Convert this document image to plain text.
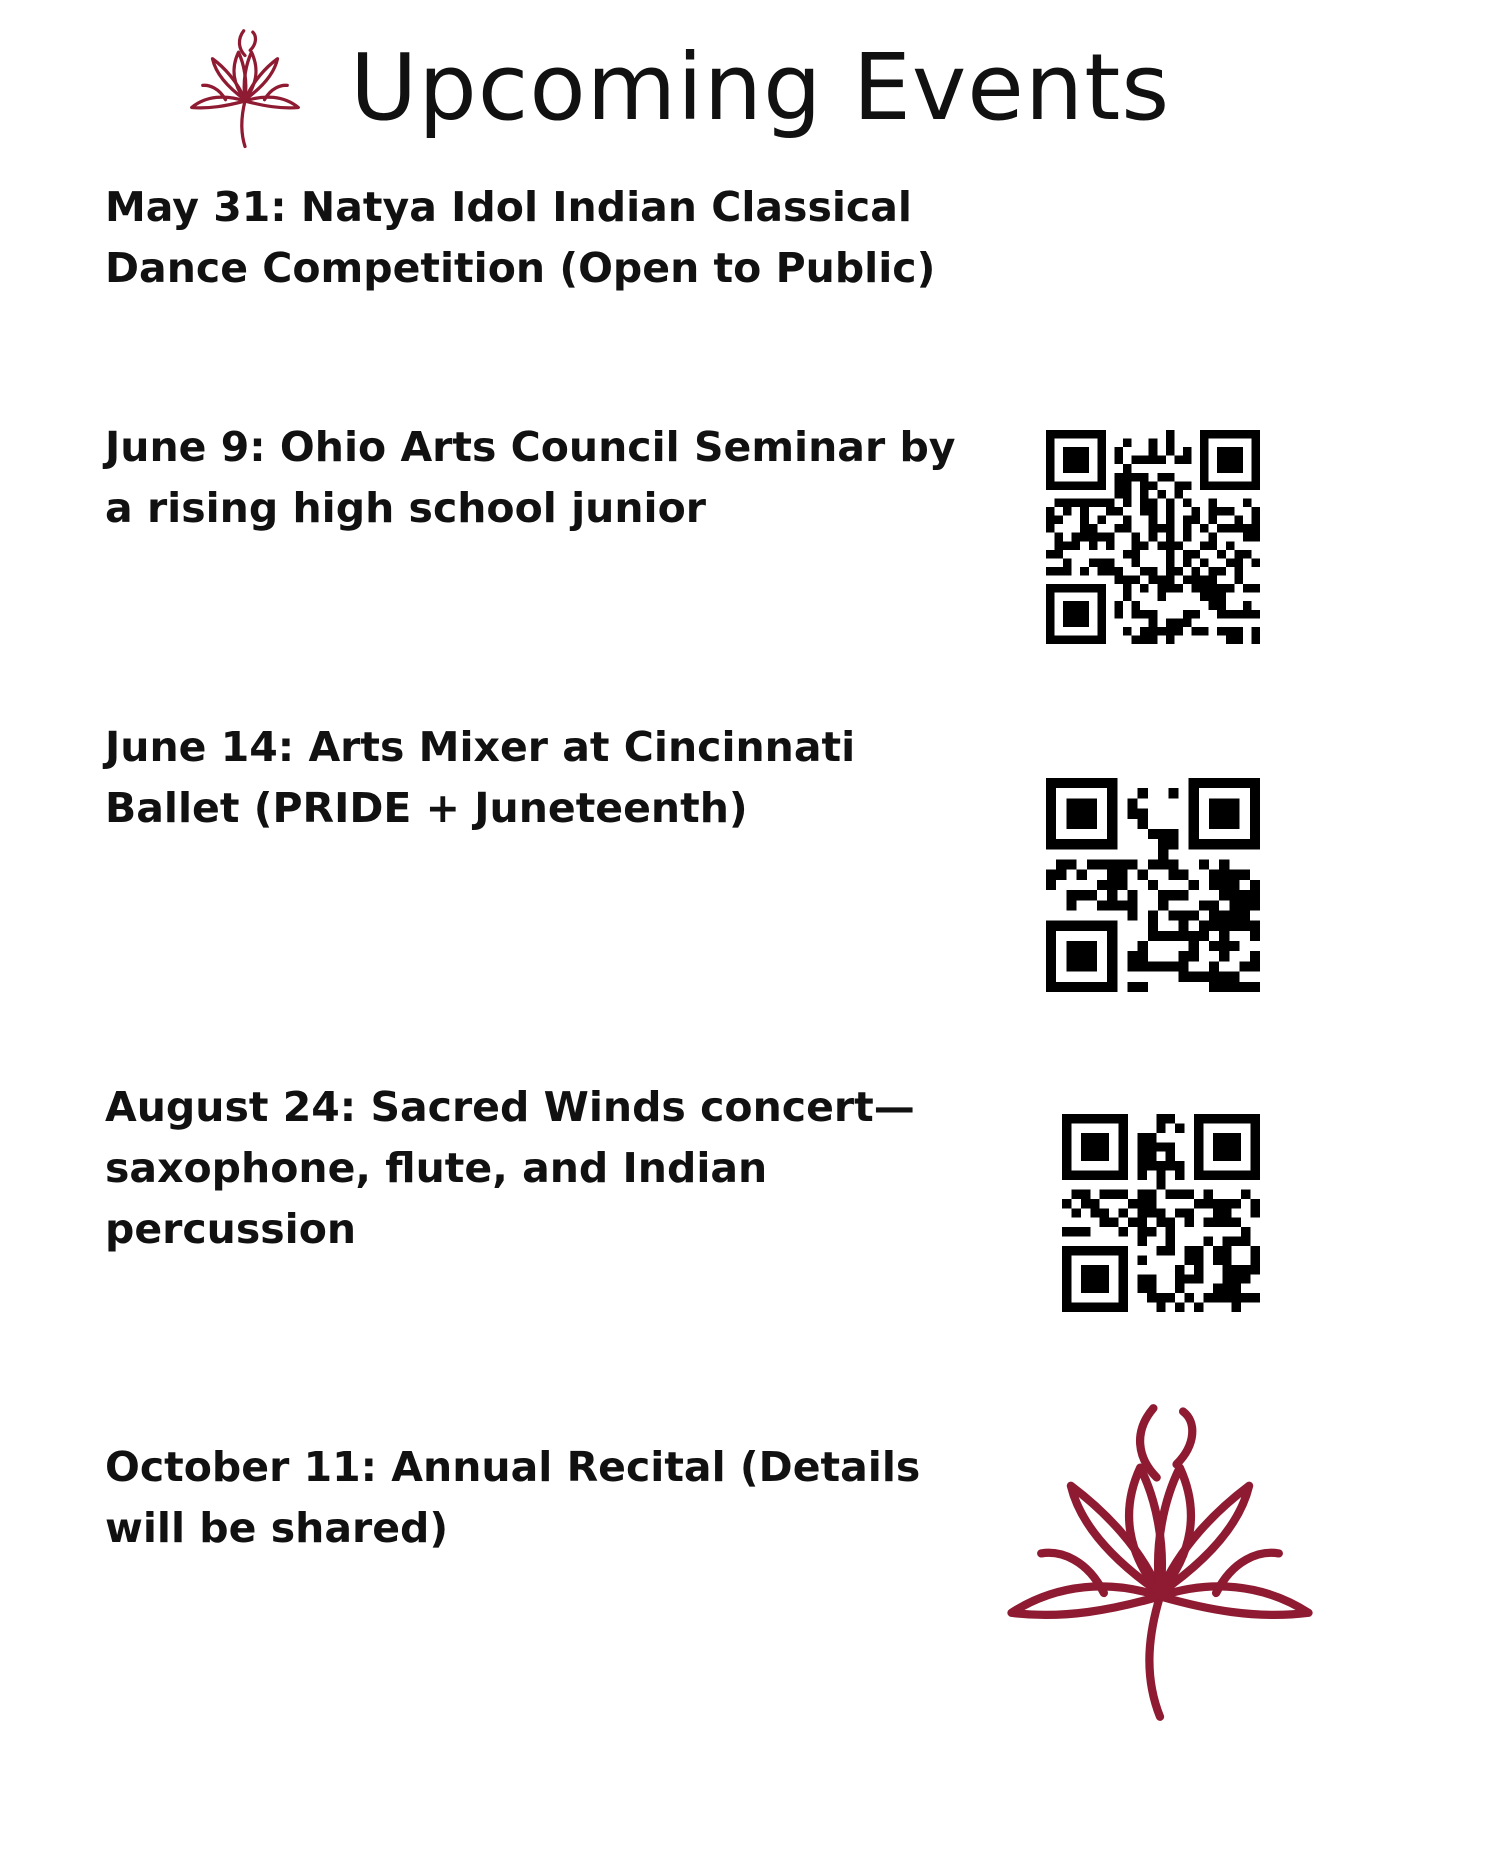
Upcoming Events

May 31: Natya Idol Indian Classical Dance Competition (Open to Public)

June 9: Ohio Arts Council Seminar by a rising high school junior

June 14: Arts Mixer at Cincinnati Ballet (PRIDE + Juneteenth)

August 24: Sacred Winds concert— saxophone, flute, and Indian percussion

October 11: Annual Recital (Details will be shared)
